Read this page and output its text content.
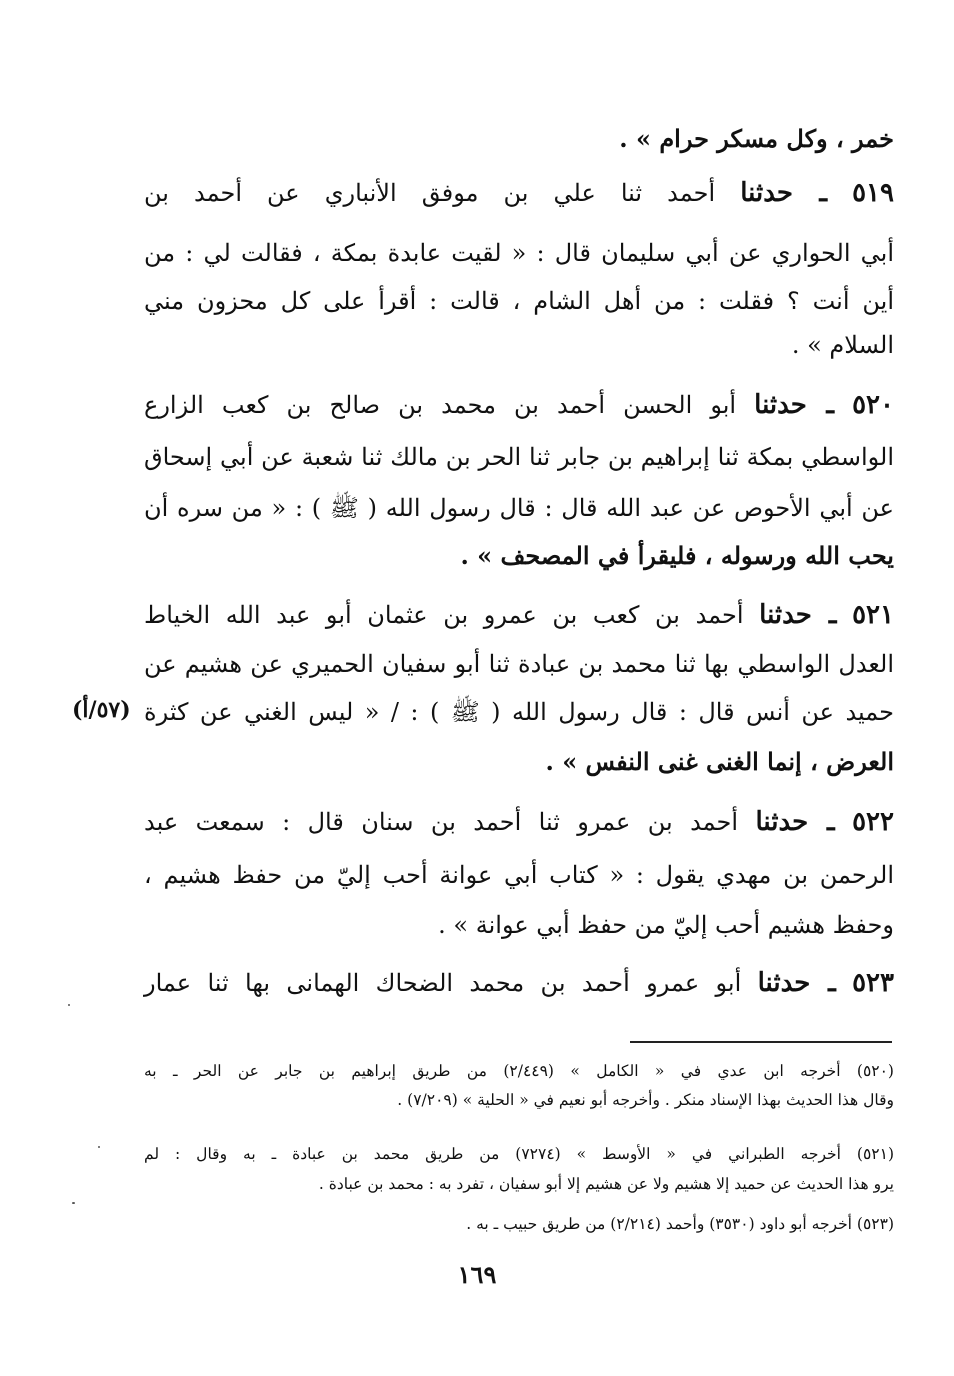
خمر ، وكل مسكر حرام » .
٥١٩ ـ حدثنا أحمد ثنا علي بن موفق الأنباري عن أحمد بن
أبي الحواري عن أبي سليمان قال : « لقيت عابدة بمكة ، فقالت لي : من
أين أنت ؟ فقلت : من أهل الشام ، قالت : أقرأ على كل محزون مني
السلام » .
٥٢٠ ـ حدثنا أبو الحسن أحمد بن محمد بن صالح بن كعب الزارع
الواسطي بمكة ثنا إبراهيم بن جابر ثنا الحر بن مالك ثنا شعبة عن أبي إسحاق
عن أبي الأحوص عن عبد الله قال : قال رسول الله ( ﷺ ) : « من سره أن
يحب الله ورسوله ، فليقرأ في المصحف » .
٥٢١ ـ حدثنا أحمد بن كعب بن عمرو بن عثمان أبو عبد الله الخياط
العدل الواسطي بها ثنا محمد بن عبادة ثنا أبو سفيان الحميري عن هشيم عن
حميد عن أنس قال : قال رسول الله ( ﷺ ) : / « ليس الغني عن كثرة
العرض ، إنما الغنى غنى النفس » .
(٥٧/أ)
٥٢٢ ـ حدثنا أحمد بن عمرو ثنا أحمد بن سنان قال : سمعت عبد
الرحمن بن مهدي يقول : « كتاب أبي عوانة أحب إليّ من حفظ هشيم ،
وحفظ هشيم أحب إليّ من حفظ أبي عوانة » .
٥٢٣ ـ حدثنا أبو عمرو أحمد بن محمد الضحاك الهمانى بها ثنا عمار
(٥٢٠) أخرجه ابن عدي في « الكامل » (٢/٤٤٩) من طريق إبراهيم بن جابر عن الحر ـ به
وقال هذا الحديث بهذا الإسناد منكر . وأخرجه أبو نعيم في « الحلية » (٧/٢٠٩) .
(٥٢١) أخرجه الطبراني في « الأوسط » (٧٢٧٤) من طريق محمد بن عبادة ـ به وقال : لم
يرو هذا الحديث عن حميد إلا هشيم ولا عن هشيم إلا أبو سفيان ، تفرد به : محمد بن عبادة .
(٥٢٣) أخرجه أبو داود (٣٥٣٠) وأحمد (٢/٢١٤) من طريق حبيب ـ به .
١٦٩
